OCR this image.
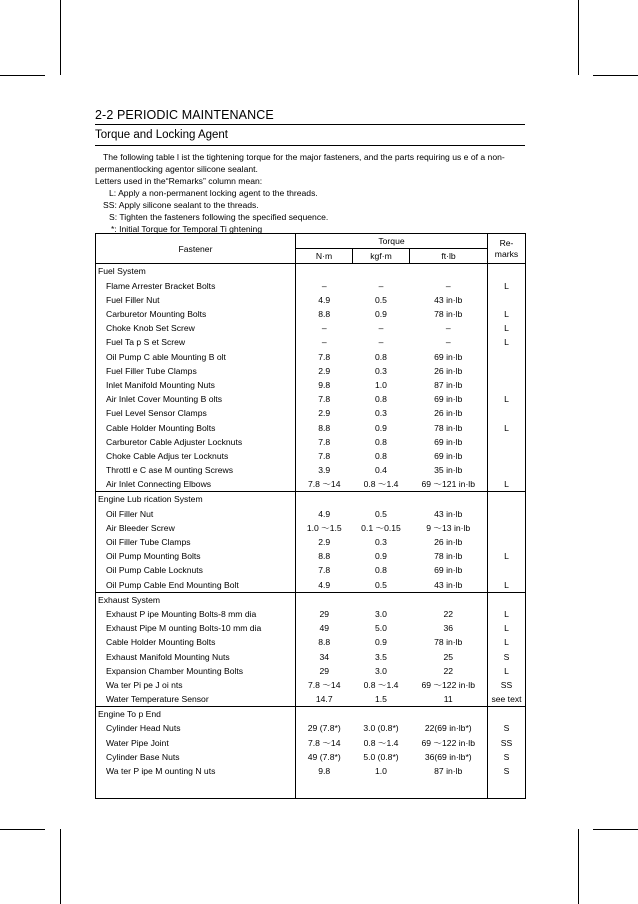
2-2 PERIODIC MAINTENANCE
Torque and Locking Agent
The following table l ist the tightening torque for the major fasteners, and the parts requiring us e of a non-permanentlocking agentor silicone sealant.
Letters used in the“Remarks” column mean:
L: Apply a non-permanent locking agent to the threads.
SS: Apply silicone sealant to the threads.
S: Tighten the fasteners following the specified sequence.
*: Initial Torque for Temporal Ti ghtening
Fastener	Torque			Re-
marks

	N·m	kgf·m	ft·lb	
Fuel System				
Flame Arrester Bracket Bolts	–	–	–	L
Fuel Filler Nut	4.9	0.5	43 in·lb	
Carburetor Mounting Bolts	8.8	0.9	78 in·lb	L
Choke Knob Set Screw	–	–	–	L
Fuel Ta p S et Screw	–	–	–	L
Oil Pump C able Mounting B olt	7.8	0.8	69 in·lb	
Fuel Filler Tube Clamps	2.9	0.3	26 in·lb	
Inlet Manifold Mounting Nuts	9.8	1.0	87 in·lb	
Air Inlet Cover Mounting B olts	7.8	0.8	69 in·lb	L
Fuel Level Sensor Clamps	2.9	0.3	26 in·lb	
Cable Holder Mounting Bolts	8.8	0.9	78 in·lb	L
Carburetor Cable Adjuster Locknuts	7.8	0.8	69 in·lb	
Choke Cable Adjus ter Locknuts	7.8	0.8	69 in·lb	
Throttl e C ase M ounting Screws	3.9	0.4	35 in·lb	
Air Inlet Connecting Elbows	7.8 ～14	0.8 ～1.4	69 ～121 in·lb	L
Engine Lub rication System				
Oil Filler Nut	4.9	0.5	43 in·lb	
Air Bleeder Screw	1.0 ～1.5	0.1 ～0.15	9 ～13 in·lb	
Oil Filler Tube Clamps	2.9	0.3	26 in·lb	
Oil Pump Mounting Bolts	8.8	0.9	78 in·lb	L
Oil Pump Cable Locknuts	7.8	0.8	69 in·lb	
Oil Pump Cable End Mounting Bolt	4.9	0.5	43 in·lb	L
Exhaust System				
Exhaust P ipe Mounting Bolts-8 mm dia	29	3.0	22	L
Exhaust Pipe M ounting Bolts-10 mm dia	49	5.0	36	L
Cable Holder Mounting Bolts	8.8	0.9	78 in·lb	L
Exhaust Manifold Mounting Nuts	34	3.5	25	S
Expansion Chamber Mounting Bolts	29	3.0	22	L
Wa ter Pi pe J oi nts	7.8 ～14	0.8 ～1.4	69 ～122 in·lb	SS
Water Temperature Sensor	14.7	1.5	11	see text
Engine To p End				
Cylinder Head Nuts	29 (7.8*)	3.0 (0.8*)	22(69 in·lb*)	S
Water Pipe Joint	7.8 ～14	0.8 ～1.4	69 ～122 in·lb	SS
Cylinder Base Nuts	49 (7.8*)	5.0 (0.8*)	36(69 in·lb*)	S
Wa ter P ipe M ounting N uts	9.8	1.0	87 in·lb	S
